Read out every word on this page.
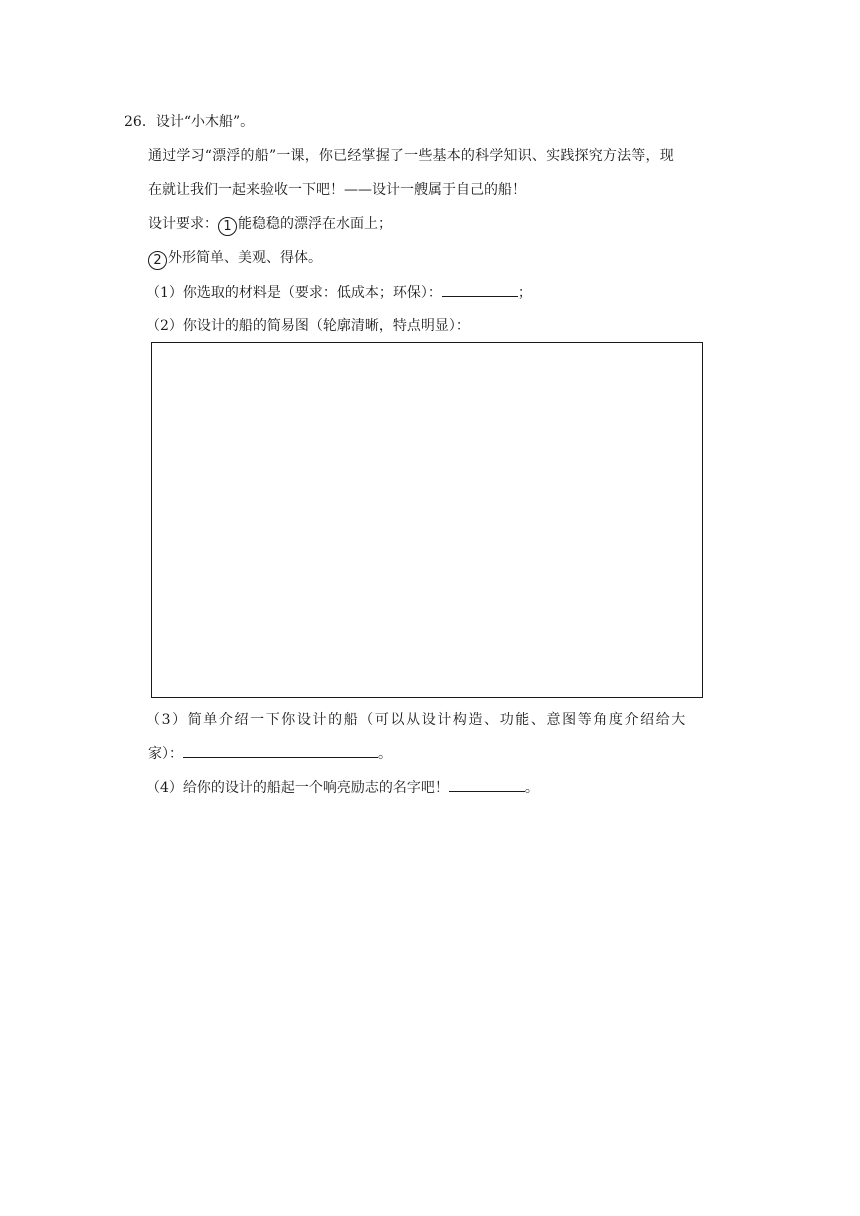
26．设计“小木船”。
通过学习“漂浮的船”一课，你已经掌握了一些基本的科学知识、实践探究方法等，现
在就让我们一起来验收一下吧！——设计一艘属于自己的船！
设计要求： 1 能稳稳的漂浮在水面上；
2 外形简单、美观、得体。
（1）你选取的材料是（要求：低成本；环保）：	；
（2）你设计的船的简易图（轮廓清晰，特点明显）：
（3）简单介绍一下你设计的船（可以从设计构造、功能、意图等角度介绍给大
家）：	。
（4）给你的设计的船起一个响亮励志的名字吧！	。
